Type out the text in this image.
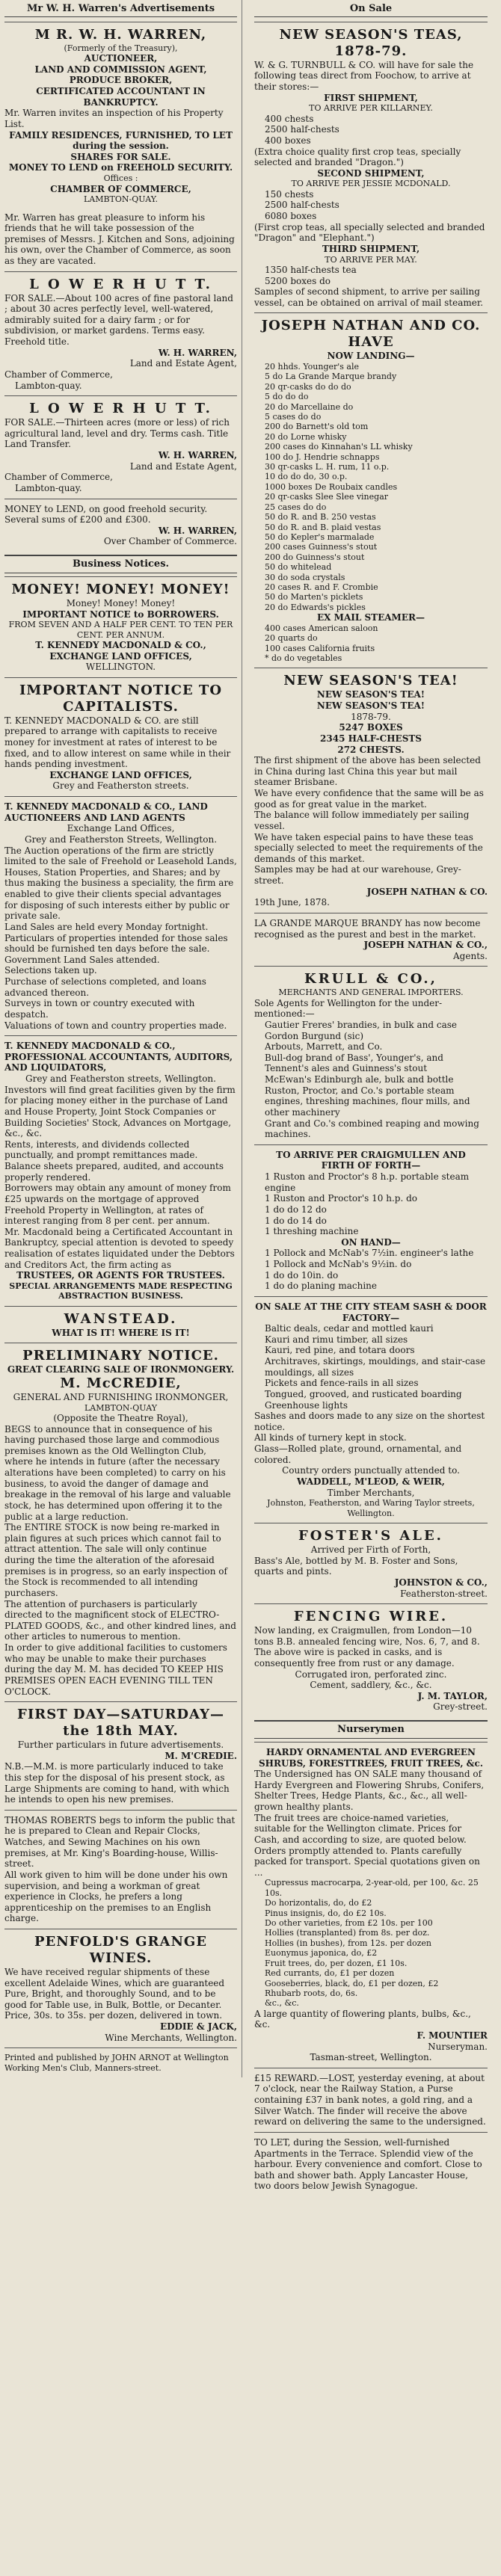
Mr W. H. Warren's Advertisements
M R. W. H. WARREN,
(Formerly of the Treasury),
AUCTIONEER,
LAND AND COMMISSION AGENT,
PRODUCE BROKER,
CERTIFICATED ACCOUNTANT IN BANKRUPTCY.
Mr. Warren invites an inspection of his Property List.
FAMILY RESIDENCES, FURNISHED, TO LET during the session.
SHARES FOR SALE.
MONEY TO LEND on FREEHOLD SECURITY.
Offices :
CHAMBER OF COMMERCE,
LAMBTON-QUAY.
Mr. Warren has great pleasure to inform his friends that he will take possession of the premises of Messrs. J. Kitchen and Sons, adjoining his own, over the Chamber of Commerce, as soon as they are vacated.
L O W E R H U T T.
FOR SALE.—About 100 acres of fine pastoral land ; about 30 acres perfectly level, well-watered, admirably suited for a dairy farm ; or for subdivision, or market gardens. Terms easy. Freehold title.
W. H. WARREN,
Land and Estate Agent,
Chamber of Commerce,
Lambton-quay.
L O W E R H U T T.
FOR SALE.—Thirteen acres (more or less) of rich agricultural land, level and dry. Terms cash. Title Land Transfer.
W. H. WARREN,
Land and Estate Agent,
Chamber of Commerce,
Lambton-quay.
MONEY to LEND, on good freehold security. Several sums of £200 and £300.
W. H. WARREN,
Over Chamber of Commerce.
Business Notices.
MONEY! MONEY! MONEY!
Money! Money! Money!
IMPORTANT NOTICE to BORROWERS.
FROM SEVEN AND A HALF PER CENT. TO TEN PER CENT. PER ANNUM.
T. KENNEDY MACDONALD & CO.,
EXCHANGE LAND OFFICES,
WELLINGTON.
IMPORTANT NOTICE TO CAPITALISTS.
T. KENNEDY MACDONALD & CO. are still prepared to arrange with capitalists to receive money for investment at rates of interest to be fixed, and to allow interest on same while in their hands pending investment.
EXCHANGE LAND OFFICES,
Grey and Featherston streets.
T. KENNEDY MACDONALD & CO., LAND AUCTIONEERS AND LAND AGENTS
Exchange Land Offices,
Grey and Featherston Streets, Wellington.
The Auction operations of the firm are strictly limited to the sale of Freehold or Leasehold Lands, Houses, Station Properties, and Shares; and by thus making the business a speciality, the firm are enabled to give their clients special advantages for disposing of such interests either by public or private sale.
Land Sales are held every Monday fortnight. Particulars of properties intended for those sales should be furnished ten days before the sale.
Government Land Sales attended.
Selections taken up.
Purchase of selections completed, and loans advanced thereon.
Surveys in town or country executed with despatch.
Valuations of town and country properties made.
T. KENNEDY MACDONALD & CO., PROFESSIONAL ACCOUNTANTS, AUDITORS, AND LIQUIDATORS,
Grey and Featherston streets, Wellington.
Investors will find great facilities given by the firm for placing money either in the purchase of Land and House Property, Joint Stock Companies or Building Societies' Stock, Advances on Mortgage, &c., &c.
Rents, interests, and dividends collected punctually, and prompt remittances made.
Balance sheets prepared, audited, and accounts properly rendered.
Borrowers may obtain any amount of money from £25 upwards on the mortgage of approved Freehold Property in Wellington, at rates of interest ranging from 8 per cent. per annum.
Mr. Macdonald being a Certificated Accountant in Bankruptcy, special attention is devoted to speedy realisation of estates liquidated under the Debtors and Creditors Act, the firm acting as
TRUSTEES, OR AGENTS FOR TRUSTEES.
SPECIAL ARRANGEMENTS MADE RESPECTING ABSTRACTION BUSINESS.
WANSTEAD.
WHAT IS IT! WHERE IS IT!
PRELIMINARY NOTICE.
GREAT CLEARING SALE OF IRONMONGERY.
M. McCREDIE,
GENERAL AND FURNISHING IRONMONGER,
LAMBTON-QUAY
(Opposite the Theatre Royal),
BEGS to announce that in consequence of his having purchased those large and commodious premises known as the Old Wellington Club, where he intends in future (after the necessary alterations have been completed) to carry on his business, to avoid the danger of damage and breakage in the removal of his large and valuable stock, he has determined upon offering it to the public at a large reduction.
The ENTIRE STOCK is now being re-marked in plain figures at such prices which cannot fail to attract attention. The sale will only continue during the time the alteration of the aforesaid premises is in progress, so an early inspection of the Stock is recommended to all intending purchasers.
The attention of purchasers is particularly directed to the magnificent stock of ELECTRO-PLATED GOODS, &c., and other kindred lines, and other articles to numerous to mention.
In order to give additional facilities to customers who may be unable to make their purchases during the day M. M. has decided TO KEEP HIS PREMISES OPEN EACH EVENING TILL TEN O'CLOCK.
FIRST DAY—SATURDAY—the 18th MAY.
Further particulars in future advertisements.
M. M'CREDIE.
N.B.—M.M. is more particularly induced to take this step for the disposal of his present stock, as Large Shipments are coming to hand, with which he intends to open his new premises.
THOMAS ROBERTS begs to inform the public that he is prepared to Clean and Repair Clocks, Watches, and Sewing Machines on his own premises, at Mr. King's Boarding-house, Willis-street.
All work given to him will be done under his own supervision, and being a workman of great experience in Clocks, he prefers a long apprenticeship on the premises to an English charge.
PENFOLD'S GRANGE WINES.
We have received regular shipments of these excellent Adelaide Wines, which are guaranteed Pure, Bright, and thoroughly Sound, and to be good for Table use, in Bulk, Bottle, or Decanter.
Price, 30s. to 35s. per dozen, delivered in town.
EDDIE & JACK,
Wine Merchants, Wellington.
Printed and published by JOHN ARNOT at Wellington Working Men's Club, Manners-street.
On Sale
NEW SEASON'S TEAS, 1878-79.
W. & G. TURNBULL & CO. will have for sale the following teas direct from Foochow, to arrive at their stores:—
FIRST SHIPMENT,
TO ARRIVE PER KILLARNEY.
400 chests
2500 half-chests
400 boxes
(Extra choice quality first crop teas, specially selected and branded "Dragon.")
SECOND SHIPMENT,
TO ARRIVE PER JESSIE MCDONALD.
150 chests
2500 half-chests
6080 boxes
(First crop teas, all specially selected and branded "Dragon" and "Elephant.")
THIRD SHIPMENT,
TO ARRIVE PER MAY.
1350 half-chests tea
5200 boxes do
Samples of second shipment, to arrive per sailing vessel, can be obtained on arrival of mail steamer.
JOSEPH NATHAN AND CO. HAVE
NOW LANDING—
20 hhds. Younger's ale
5 do La Grande Marque brandy
20 qr-casks do do do
5 do do do
20 do Marcellaine do
5 cases do do
200 do Barnett's old tom
20 do Lorne whisky
200 cases do Kinnahan's LL whisky
100 do J. Hendrie schnapps
30 qr-casks L. H. rum, 11 o.p.
10 do do do, 30 o.p.
1000 boxes De Roubaix candles
20 qr-casks Slee Slee vinegar
25 cases do do
50 do R. and B. 250 vestas
50 do R. and B. plaid vestas
50 do Kepler's marmalade
200 cases Guinness's stout
200 do Guinness's stout
50 do whitelead
30 do soda crystals
20 cases R. and F. Crombie
50 do Marten's picklets
20 do Edwards's pickles
EX MAIL STEAMER—
400 cases American saloon
20 quarts do
100 cases California fruits
* do do vegetables
NEW SEASON'S TEA!
NEW SEASON'S TEA!
NEW SEASON'S TEA!
1878-79.
5247 BOXES
2345 HALF-CHESTS
272 CHESTS.
The first shipment of the above has been selected in China during last China this year but mail steamer Brisbane.
We have every confidence that the same will be as good as for great value in the market.
The balance will follow immediately per sailing vessel.
We have taken especial pains to have these teas specially selected to meet the requirements of the demands of this market.
Samples may be had at our warehouse, Grey-street.
JOSEPH NATHAN & CO.
19th June, 1878.
LA GRANDE MARQUE BRANDY has now become recognised as the purest and best in the market.
JOSEPH NATHAN & CO.,
Agents.
KRULL & CO.,
MERCHANTS AND GENERAL IMPORTERS.
Sole Agents for Wellington for the under-mentioned:—
Gautier Freres' brandies, in bulk and case
Gordon Burgund (sic)
Arbouts, Marrett, and Co.
Bull-dog brand of Bass', Younger's, and Tennent's ales and Guinness's stout
McEwan's Edinburgh ale, bulk and bottle
Ruston, Proctor, and Co.'s portable steam engines, threshing machines, flour mills, and other machinery
Grant and Co.'s combined reaping and mowing machines.
TO ARRIVE PER CRAIGMULLEN AND
FIRTH OF FORTH—
1 Ruston and Proctor's 8 h.p. portable steam engine
1 Ruston and Proctor's 10 h.p. do
1 do do 12 do
1 do do 14 do
1 threshing machine
ON HAND—
1 Pollock and McNab's 7½in. engineer's lathe
1 Pollock and McNab's 9½in. do
1 do do 10in. do
1 do do planing machine
ON SALE AT THE CITY STEAM SASH & DOOR FACTORY—
Baltic deals, cedar and mottled kauri
Kauri and rimu timber, all sizes
Kauri, red pine, and totara doors
Architraves, skirtings, mouldings, and stair-case mouldings, all sizes
Pickets and fence-rails in all sizes
Tongued, grooved, and rusticated boarding
Greenhouse lights
Sashes and doors made to any size on the shortest notice.
All kinds of turnery kept in stock.
Glass—Rolled plate, ground, ornamental, and colored.
Country orders punctually attended to.
WADDELL, M'LEOD, & WEIR,
Timber Merchants,
Johnston, Featherston, and Waring Taylor streets, Wellington.
FOSTER'S ALE.
Arrived per Firth of Forth,
Bass's Ale, bottled by M. B. Foster and Sons, quarts and pints.
JOHNSTON & CO.,
Featherston-street.
FENCING WIRE.
Now landing, ex Craigmullen, from London—10 tons B.B. annealed fencing wire, Nos. 6, 7, and 8.
The above wire is packed in casks, and is consequently free from rust or any damage.
Corrugated iron, perforated zinc.
Cement, saddlery, &c., &c.
J. M. TAYLOR,
Grey-street.
Nurserymen
HARDY ORNAMENTAL AND EVERGREEN SHRUBS, FORESTTREES, FRUIT TREES, &c.
The Undersigned has ON SALE many thousand of Hardy Evergreen and Flowering Shrubs, Conifers, Shelter Trees, Hedge Plants, &c., &c., all well-grown healthy plants.
The fruit trees are choice-named varieties, suitable for the Wellington climate. Prices for Cash, and according to size, are quoted below.
Orders promptly attended to. Plants carefully packed for transport. Special quotations given on ...
Cupressus macrocarpa, 2-year-old, per 100, &c. 25 10s.
Do horizontalis, do, do £2
Pinus insignis, do, do £2 10s.
Do other varieties, from £2 10s. per 100
Hollies (transplanted) from 8s. per doz.
Hollies (in bushes), from 12s. per dozen
Euonymus japonica, do, £2
Fruit trees, do, per dozen, £1 10s.
Red currants, do, £1 per dozen
Gooseberries, black, do, £1 per dozen, £2
Rhubarb roots, do, 6s.
&c., &c.
A large quantity of flowering plants, bulbs, &c., &c.
F. MOUNTIER
Nurseryman.
Tasman-street, Wellington.
£15 REWARD.—LOST, yesterday evening, at about 7 o'clock, near the Railway Station, a Purse containing £37 in bank notes, a gold ring, and a Silver Watch. The finder will receive the above reward on delivering the same to the undersigned.
TO LET, during the Session, well-furnished Apartments in the Terrace. Splendid view of the harbour. Every convenience and comfort. Close to bath and shower bath. Apply Lancaster House, two doors below Jewish Synagogue.
